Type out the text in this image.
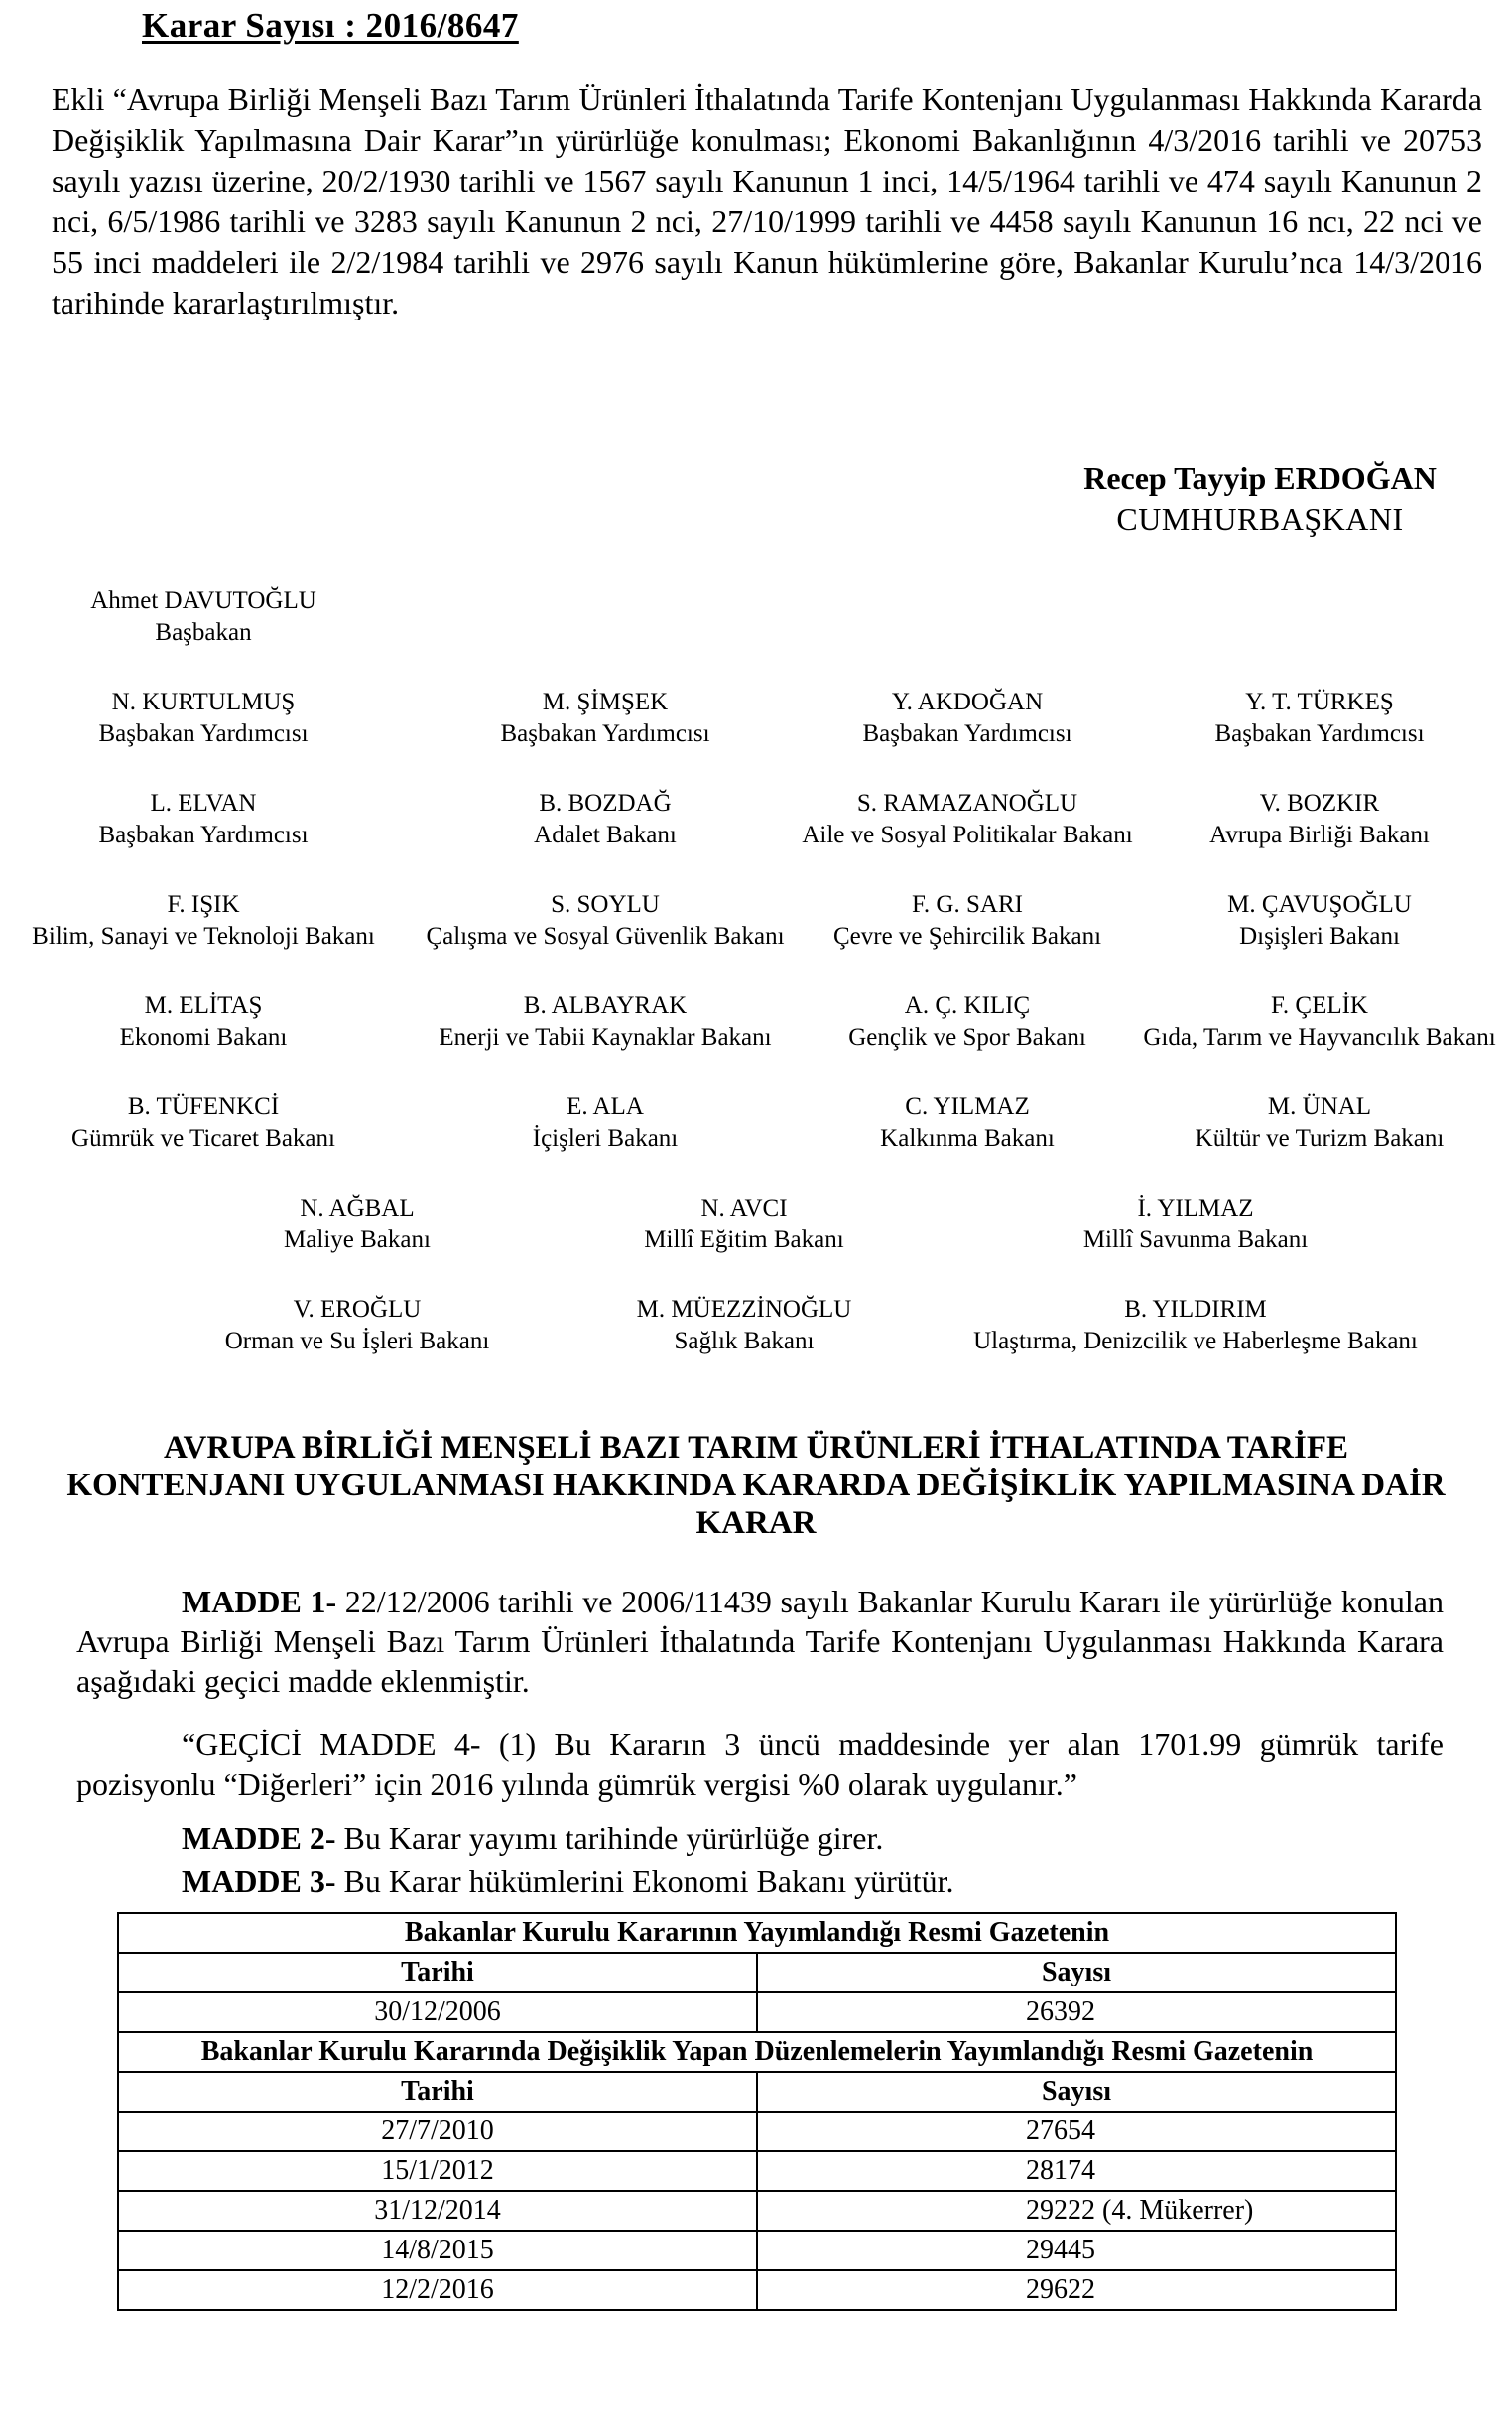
Karar Sayısı : 2016/8647

Ekli “Avrupa Birliği Menşeli Bazı Tarım Ürünleri İthalatında Tarife Kontenjanı Uygulanması Hakkında Kararda Değişiklik Yapılmasına Dair Karar”ın yürürlüğe konulması; Ekonomi Bakanlığının 4/3/2016 tarihli ve 20753 sayılı yazısı üzerine, 20/2/1930 tarihli ve 1567 sayılı Kanunun 1 inci, 14/5/1964 tarihli ve 474 sayılı Kanunun 2 nci, 6/5/1986 tarihli ve 3283 sayılı Kanunun 2 nci, 27/10/1999 tarihli ve 4458 sayılı Kanunun 16 ncı, 22 nci ve 55 inci maddeleri ile 2/2/1984 tarihli ve 2976 sayılı Kanun hükümlerine göre, Bakanlar Kurulu’nca 14/3/2016 tarihinde kararlaştırılmıştır.

Recep Tayyip ERDOĞAN
CUMHURBAŞKANI
Ahmet DAVUTOĞLU
Başbakan
N. KURTULMUŞ
Başbakan Yardımcısı
M. ŞİMŞEK
Başbakan Yardımcısı
Y. AKDOĞAN
Başbakan Yardımcısı
Y. T. TÜRKEŞ
Başbakan Yardımcısı
L. ELVAN
Başbakan Yardımcısı
B. BOZDAĞ
Adalet Bakanı
S. RAMAZANOĞLU
Aile ve Sosyal Politikalar Bakanı
V. BOZKIR
Avrupa Birliği Bakanı
F. IŞIK
Bilim, Sanayi ve Teknoloji Bakanı
S. SOYLU
Çalışma ve Sosyal Güvenlik Bakanı
F. G. SARI
Çevre ve Şehircilik Bakanı
M. ÇAVUŞOĞLU
Dışişleri Bakanı
M. ELİTAŞ
Ekonomi Bakanı
B. ALBAYRAK
Enerji ve Tabii Kaynaklar Bakanı
A. Ç. KILIÇ
Gençlik ve Spor Bakanı
F. ÇELİK
Gıda, Tarım ve Hayvancılık Bakanı
B. TÜFENKCİ
Gümrük ve Ticaret Bakanı
E. ALA
İçişleri Bakanı
C. YILMAZ
Kalkınma Bakanı
M. ÜNAL
Kültür ve Turizm Bakanı
N. AĞBAL
Maliye Bakanı
N. AVCI
Millî Eğitim Bakanı
İ. YILMAZ
Millî Savunma Bakanı
V. EROĞLU
Orman ve Su İşleri Bakanı
M. MÜEZZİNOĞLU
Sağlık Bakanı
B. YILDIRIM
Ulaştırma, Denizcilik ve Haberleşme Bakanı
AVRUPA BİRLİĞİ MENŞELİ BAZI TARIM ÜRÜNLERİ İTHALATINDA TARİFE KONTENJANI UYGULANMASI HAKKINDA KARARDA DEĞİŞİKLİK YAPILMASINA DAİR KARAR

MADDE 1- 22/12/2006 tarihli ve 2006/11439 sayılı Bakanlar Kurulu Kararı ile yürürlüğe konulan Avrupa Birliği Menşeli Bazı Tarım Ürünleri İthalatında Tarife Kontenjanı Uygulanması Hakkında Karara aşağıdaki geçici madde eklenmiştir.

“GEÇİCİ MADDE 4- (1) Bu Kararın 3 üncü maddesinde yer alan 1701.99 gümrük tarife pozisyonlu “Diğerleri” için 2016 yılında gümrük vergisi %0 olarak uygulanır.”

MADDE 2- Bu Karar yayımı tarihinde yürürlüğe girer.

MADDE 3- Bu Karar hükümlerini Ekonomi Bakanı yürütür.

Bakanlar Kurulu Kararının Yayımlandığı Resmi Gazetenin	
Tarihi	Sayısı
30/12/2006	26392
Bakanlar Kurulu Kararında Değişiklik Yapan Düzenlemelerin Yayımlandığı Resmi Gazetenin	
Tarihi	Sayısı
27/7/2010	27654
15/1/2012	28174
31/12/2014	29222 (4. Mükerrer)
14/8/2015	29445
12/2/2016	29622
